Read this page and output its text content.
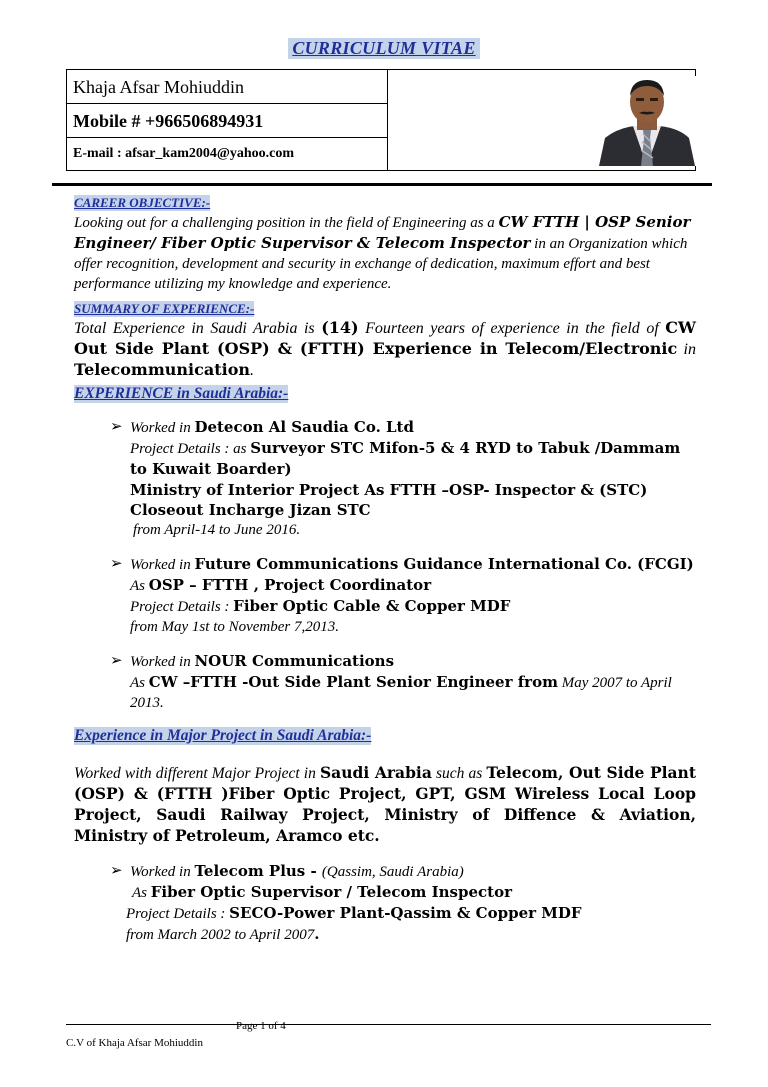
CURRICULUM VITAE
Khaja Afsar Mohiuddin
Mobile # +966506894931
E-mail : afsar_kam2004@yahoo.com
CAREER OBJECTIVE:-

Looking out for a challenging position in the field of Engineering as a CW FTTH | OSP Senior Engineer/ Fiber Optic Supervisor & Telecom Inspector in an Organization which offer recognition, development and security in exchange of dedication, maximum effort and best performance utilizing my knowledge and experience.

SUMMARY OF EXPERIENCE:-

Total Experience in Saudi Arabia is (14) Fourteen years of experience in the field of CW Out Side Plant (OSP) & (FTTH) Experience in Telecom/Electronic in Telecommunication.

EXPERIENCE in Saudi Arabia:-
➢ Worked in Detecon Al Saudia Co. Ltd
Project Details : as Surveyor STC Mifon-5 & 4 RYD to Tabuk /Dammam to Kuwait Boarder)
Ministry of Interior Project As FTTH –OSP- Inspector & (STC) Closeout Incharge Jizan STC
from April-14 to June 2016.
➢ Worked in Future Communications Guidance International Co. (FCGI)
As OSP – FTTH , Project Coordinator
Project Details : Fiber Optic Cable & Copper MDF
from May 1st to November 7,2013.
➢ Worked in NOUR Communications
As CW –FTTH -Out Side Plant Senior Engineer from May 2007 to April 2013.
Experience in Major Project in Saudi Arabia:-

Worked with different Major Project in Saudi Arabia such as Telecom, Out Side Plant (OSP) & (FTTH )Fiber Optic Project, GPT, GSM Wireless Local Loop Project, Saudi Railway Project, Ministry of Diffence & Aviation, Ministry of Petroleum, Aramco etc.

➢ Worked in Telecom Plus - (Qassim, Saudi Arabia)
As Fiber Optic Supervisor / Telecom Inspector
Project Details : SECO-Power Plant-Qassim & Copper MDF
from March 2002 to April 2007.
Page 1 of 4
C.V of Khaja Afsar Mohiuddin
